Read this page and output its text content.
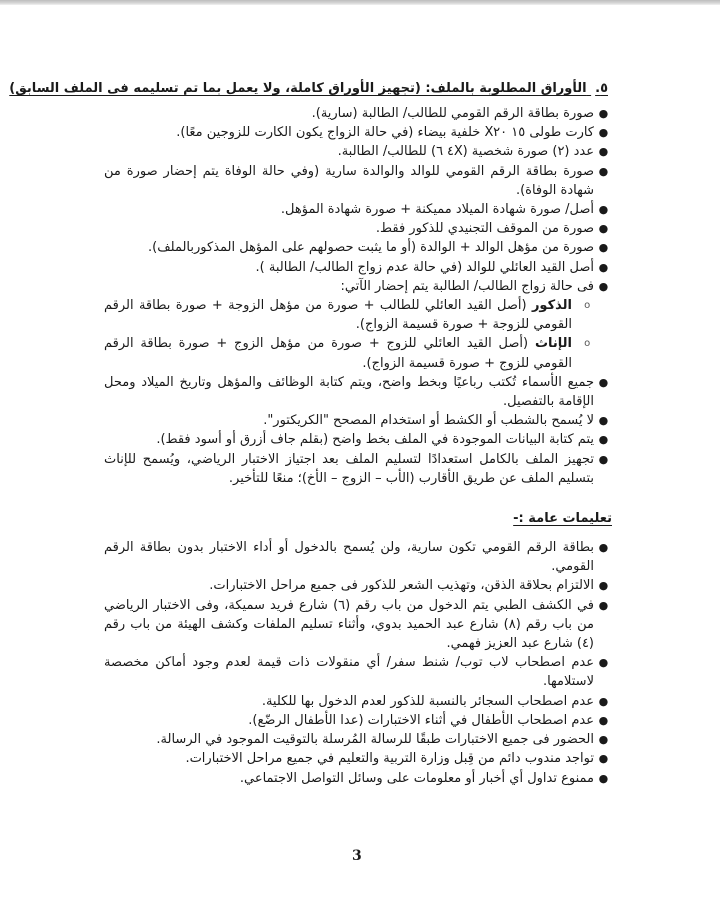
٥. الأوراق المطلوبة بالملف: (تجهيز الأوراق كاملة، ولا يعمل بما تم تسليمه فى الملف السابق)
●
صورة بطاقة الرقم القومي للطالب/ الطالبة (سارية).
●
كارت طولى ١٥ X٢٠ خلفية بيضاء (في حالة الزواج يكون الكارت للزوجين معًا).
●
عدد (٢) صورة شخصية (٤X ٦) للطالب/ الطالبة.
●
صورة بطاقة الرقم القومي للوالد والوالدة سارية (وفي حالة الوفاة يتم إحضار صورة من شهادة الوفاة).
●
أصل/ صورة شهادة الميلاد مميكنة + صورة شهادة المؤهل.
●
صورة من الموقف التجنيدي للذكور فقط.
●
صورة من مؤهل الوالد + الوالدة (أو ما يثبت حصولهم على المؤهل المذكوربالملف).
●
أصل القيد العائلي للوالد (في حالة عدم زواج الطالب/ الطالبة ).
●
فى حالة زواج الطالب/ الطالبة يتم إحضار الآتي:
o
الذكور (أصل القيد العائلي للطالب + صورة من مؤهل الزوجة + صورة بطاقة الرقم القومي للزوجة + صورة قسيمة الزواج).
o
الإناث (أصل القيد العائلي للزوج + صورة من مؤهل الزوج + صورة بطاقة الرقم القومي للزوج + صورة قسيمة الزواج).
●
جميع الأسماء تُكتب رباعيًا وبخط واضح، ويتم كتابة الوظائف والمؤهل وتاريخ الميلاد ومحل الإقامة بالتفصيل.
●
لا يُسمح بالشطب أو الكشط أو استخدام المصحح "الكريكتور".
●
يتم كتابة البيانات الموجودة في الملف بخط واضح (بقلم جاف أزرق أو أسود فقط).
●
تجهيز الملف بالكامل استعدادًا لتسليم الملف بعد اجتياز الاختبار الرياضي، ويُسمح للإناث بتسليم الملف عن طريق الأقارب (الأب – الزوج – الأخ)؛ منعًا للتأخير.
تعليمات عامة :-
●
بطاقة الرقم القومي تكون سارية، ولن يُسمح بالدخول أو أداء الاختبار بدون بطاقة الرقم القومي.
●
الالتزام بحلاقة الذقن، وتهذيب الشعر للذكور فى جميع مراحل الاختبارات.
●
في الكشف الطبي يتم الدخول من باب رقم (٦) شارع فريد سميكة، وفى الاختبار الرياضي من باب رقم (٨) شارع عبد الحميد بدوي، وأثناء تسليم الملفات وكشف الهيئة من باب رقم (٤) شارع عبد العزيز فهمي.
●
عدم اصطحاب لاب توب/ شنط سفر/ أي منقولات ذات قيمة لعدم وجود أماكن مخصصة لاستلامها.
●
عدم اصطحاب السجائر بالنسبة للذكور لعدم الدخول بها للكلية.
●
عدم اصطحاب الأطفال في أثناء الاختبارات (عدا الأطفال الرضّع).
●
الحضور فى جميع الاختبارات طبقًا للرسالة المُرسلة بالتوقيت الموجود في الرسالة.
●
تواجد مندوب دائم من قِبل وزارة التربية والتعليم في جميع مراحل الاختبارات.
●
ممنوع تداول أي أخبار أو معلومات على وسائل التواصل الاجتماعي.
3
